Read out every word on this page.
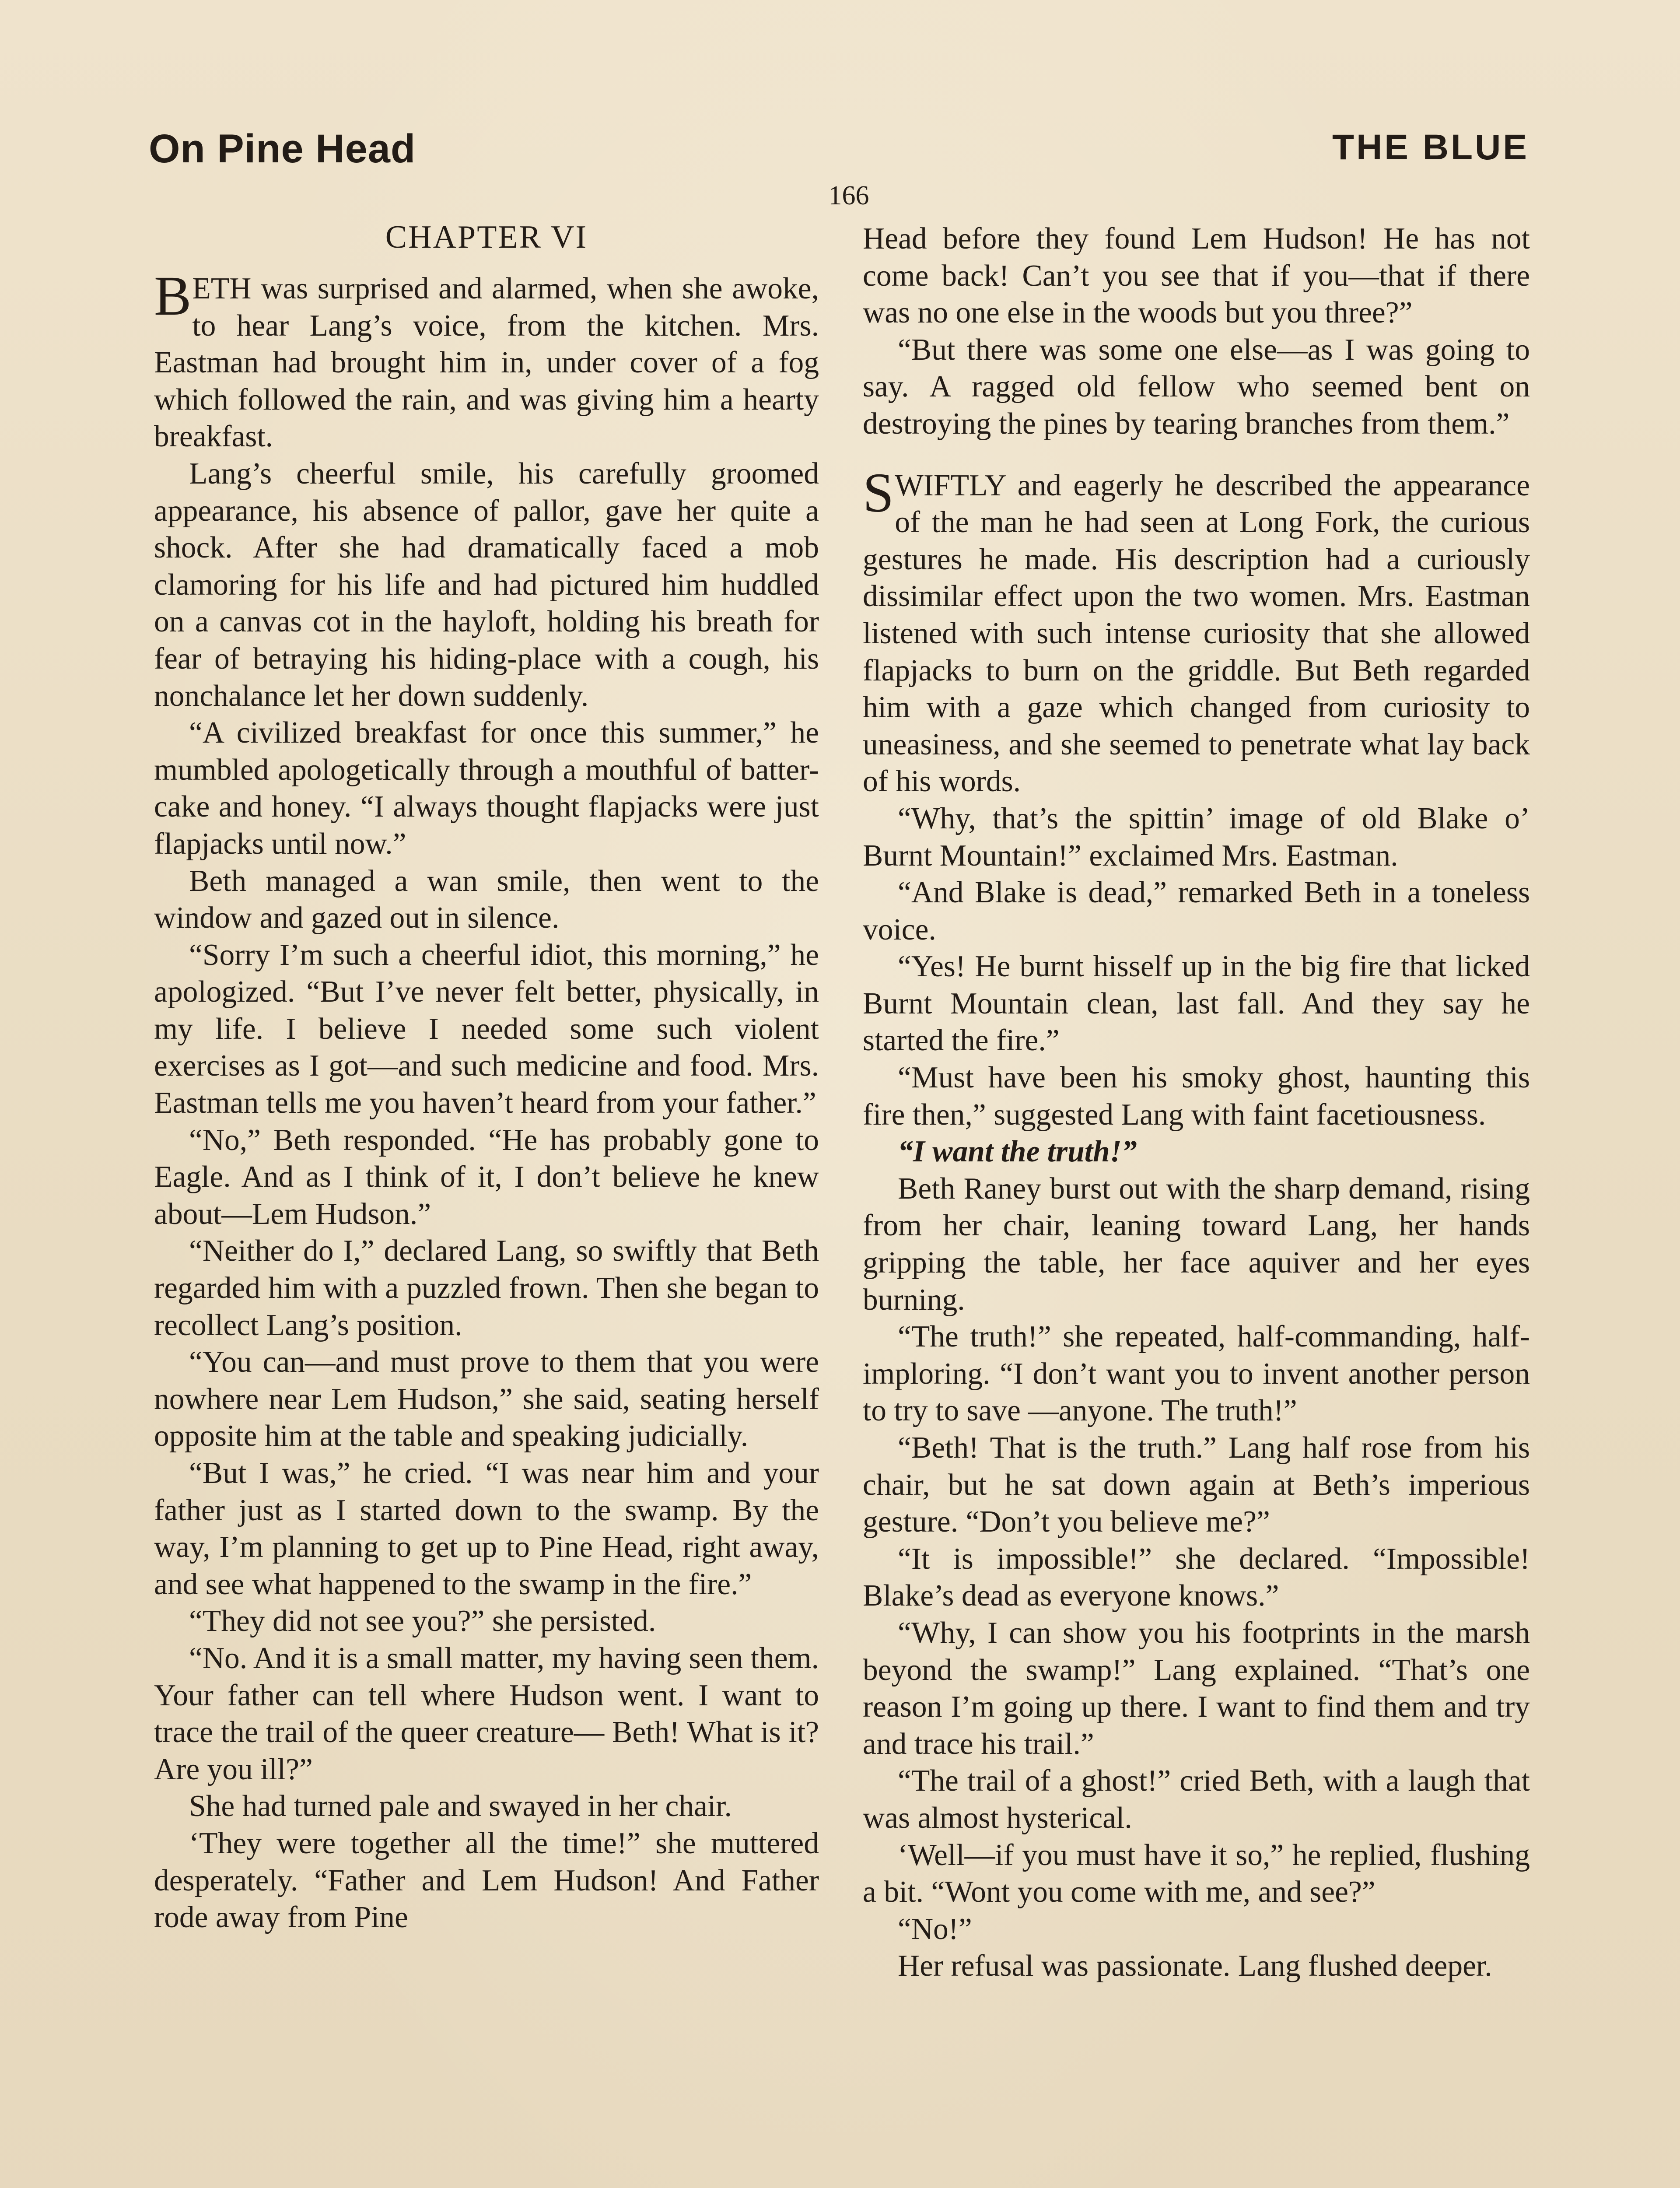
On Pine Head	THE BLUE
166
CHAPTER VI

BETH was surprised and alarmed, when she awoke, to hear Lang’s voice, from the kitchen. Mrs. Eastman had brought him in, under cover of a fog which followed the rain, and was giving him a hearty breakfast.

Lang’s cheerful smile, his carefully groomed appearance, his absence of pallor, gave her quite a shock. After she had dramatically faced a mob clamoring for his life and had pictured him huddled on a canvas cot in the hayloft, holding his breath for fear of betraying his hiding-place with a cough, his nonchalance let her down suddenly.

“A civilized breakfast for once this summer,” he mumbled apologetically through a mouthful of batter-cake and honey. “I always thought flapjacks were just flapjacks until now.”

Beth managed a wan smile, then went to the window and gazed out in silence.

“Sorry I’m such a cheerful idiot, this morning,” he apologized. “But I’ve never felt better, physically, in my life. I believe I needed some such violent exercises as I got—and such medicine and food. Mrs. Eastman tells me you haven’t heard from your father.”

“No,” Beth responded. “He has probably gone to Eagle. And as I think of it, I don’t believe he knew about—Lem Hudson.”

“Neither do I,” declared Lang, so swiftly that Beth regarded him with a puzzled frown. Then she began to recollect Lang’s position.

“You can—and must prove to them that you were nowhere near Lem Hudson,” she said, seating herself opposite him at the table and speaking judicially.

“But I was,” he cried. “I was near him and your father just as I started down to the swamp. By the way, I’m planning to get up to Pine Head, right away, and see what happened to the swamp in the fire.”

“They did not see you?” she persisted.

“No. And it is a small matter, my having seen them. Your father can tell where Hudson went. I want to trace the trail of the queer creature— Beth! What is it? Are you ill?”

She had turned pale and swayed in her chair.

‘They were together all the time!” she muttered desperately. “Father and Lem Hudson! And Father rode away from Pine

Head before they found Lem Hudson! He has not come back! Can’t you see that if you—that if there was no one else in the woods but you three?”

“But there was some one else—as I was going to say. A ragged old fellow who seemed bent on destroying the pines by tearing branches from them.”

SWIFTLY and eagerly he described the appearance of the man he had seen at Long Fork, the curious gestures he made. His description had a curiously dissimilar effect upon the two women. Mrs. Eastman listened with such intense curiosity that she allowed flapjacks to burn on the griddle. But Beth regarded him with a gaze which changed from curiosity to uneasiness, and she seemed to penetrate what lay back of his words.

“Why, that’s the spittin’ image of old Blake o’ Burnt Mountain!” exclaimed Mrs. Eastman.

“And Blake is dead,” remarked Beth in a toneless voice.

“Yes! He burnt hisself up in the big fire that licked Burnt Mountain clean, last fall. And they say he started the fire.”

“Must have been his smoky ghost, haunting this fire then,” suggested Lang with faint facetiousness.

“I want the truth!”

Beth Raney burst out with the sharp demand, rising from her chair, leaning toward Lang, her hands gripping the table, her face aquiver and her eyes burning.

“The truth!” she repeated, half-commanding, half-imploring. “I don’t want you to invent another person to try to save —anyone. The truth!”

“Beth! That is the truth.” Lang half rose from his chair, but he sat down again at Beth’s imperious gesture. “Don’t you believe me?”

“It is impossible!” she declared. “Impossible! Blake’s dead as everyone knows.”

“Why, I can show you his footprints in the marsh beyond the swamp!” Lang explained. “That’s one reason I’m going up there. I want to find them and try and trace his trail.”

“The trail of a ghost!” cried Beth, with a laugh that was almost hysterical.

‘Well—if you must have it so,” he replied, flushing a bit. “Wont you come with me, and see?”

“No!”

Her refusal was passionate. Lang flushed deeper.
